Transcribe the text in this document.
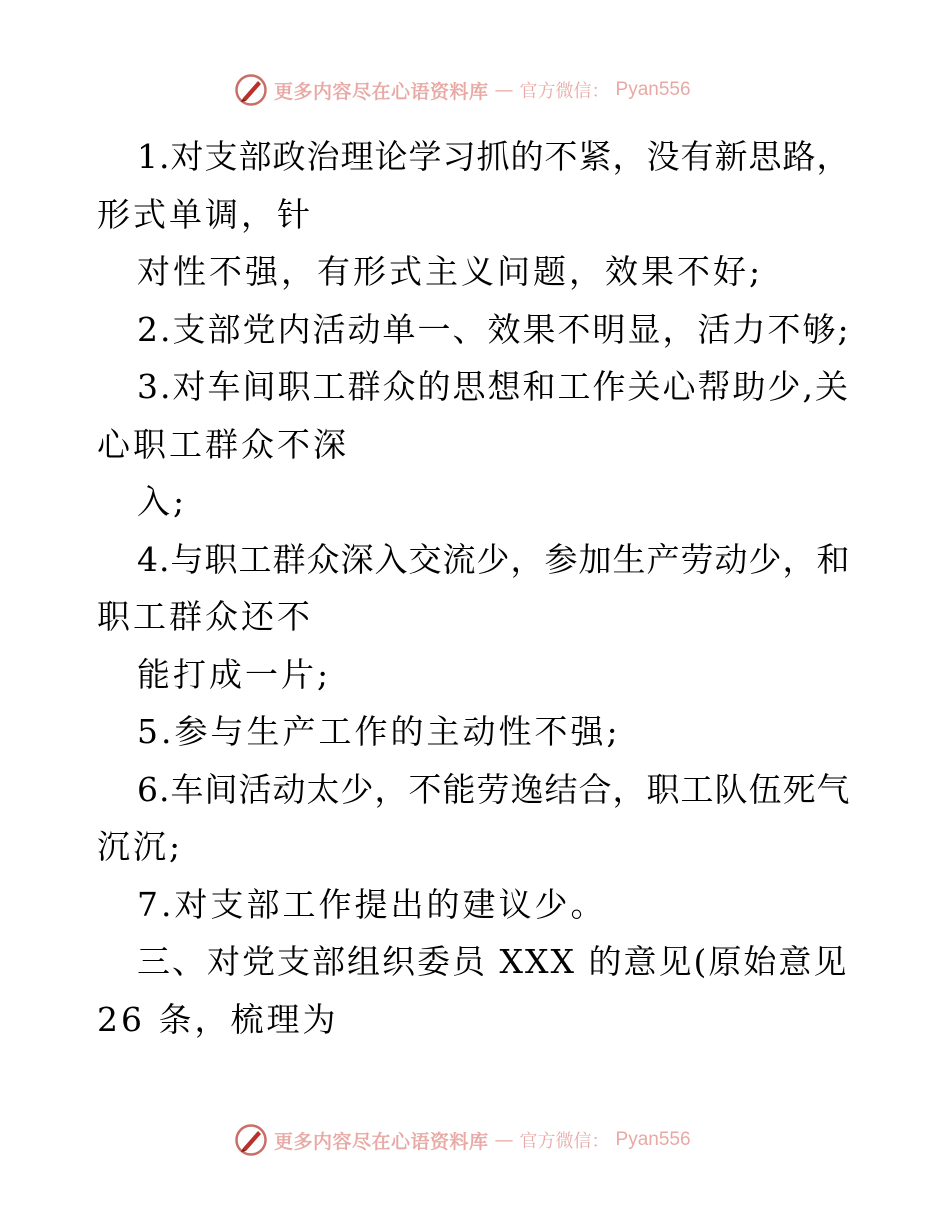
更多内容尽在心语资料库 — 官方微信： Pyan556

1.对支部政治理论学习抓的不紧，没有新思路，

形式单调，针

对性不强，有形式主义问题，效果不好;

2.支部党内活动单一、效果不明显，活力不够;

3.对车间职工群众的思想和工作关心帮助少,关

心职工群众不深

入;

4.与职工群众深入交流少，参加生产劳动少，和

职工群众还不

能打成一片;

5.参与生产工作的主动性不强;

6.车间活动太少，不能劳逸结合，职工队伍死气

沉沉;

7.对支部工作提出的建议少。

三、对党支部组织委员 XXX 的意见(原始意见

26 条，梳理为

更多内容尽在心语资料库 — 官方微信： Pyan556
